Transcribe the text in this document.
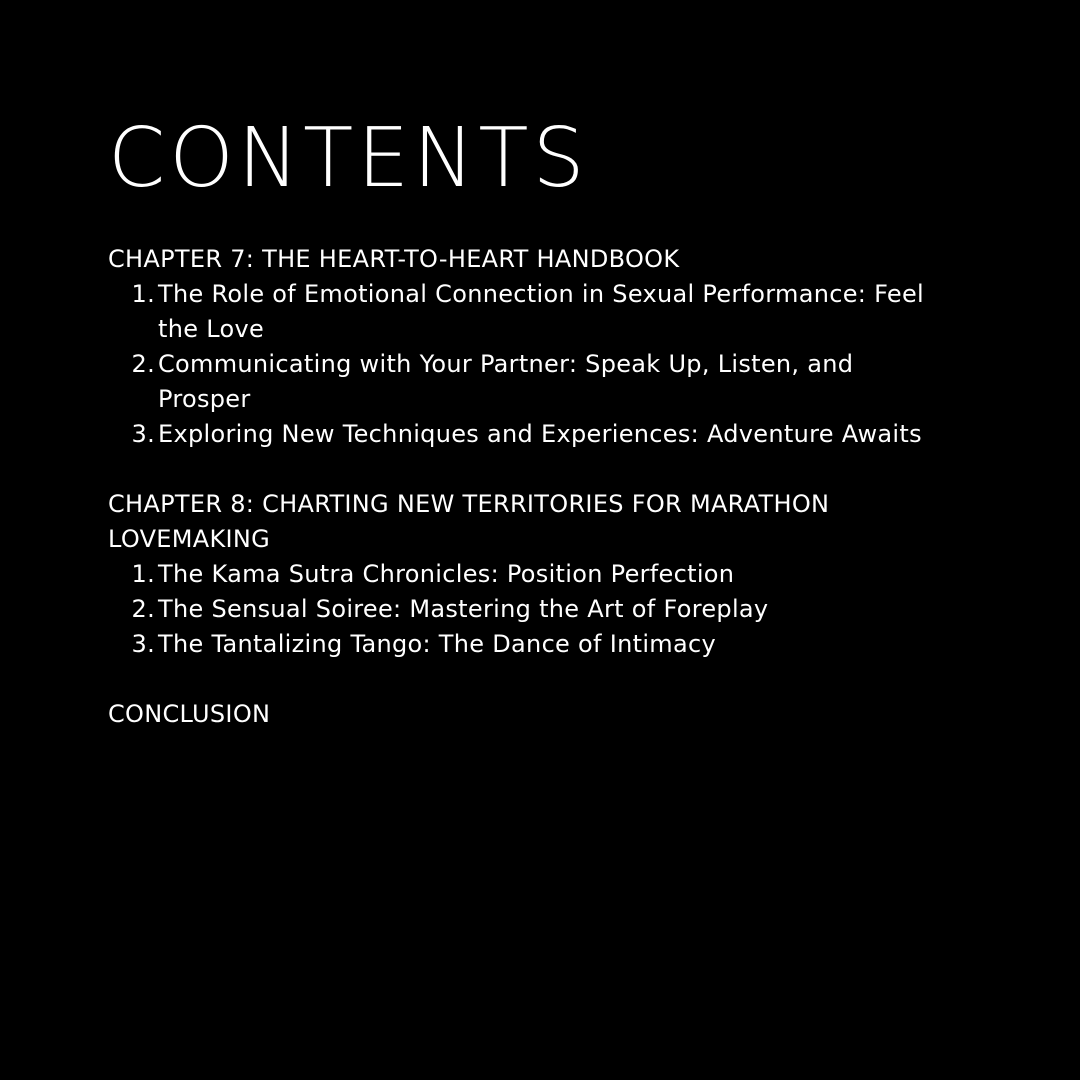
CONTENTS

CHAPTER 7: THE HEART-TO-HEART HANDBOOK

1. The Role of Emotional Connection in Sexual Performance: Feel the Love
2. Communicating with Your Partner: Speak Up, Listen, and Prosper
3. Exploring New Techniques and Experiences: Adventure Awaits

CHAPTER 8: CHARTING NEW TERRITORIES FOR MARATHON LOVEMAKING

1. The Kama Sutra Chronicles: Position Perfection
2. The Sensual Soiree: Mastering the Art of Foreplay
3. The Tantalizing Tango: The Dance of Intimacy

CONCLUSION
